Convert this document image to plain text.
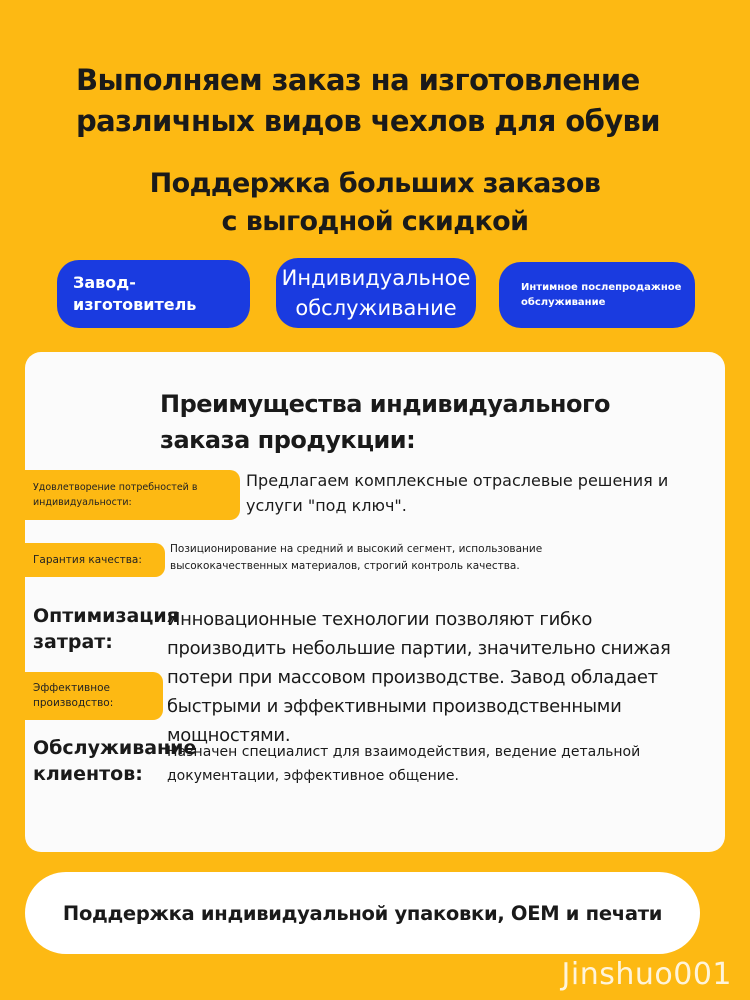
Выполняем заказ на изготовление различных видов чехлов для обуви
Поддержка больших заказов с выгодной скидкой
Завод-изготовитель
Индивидуальное обслуживание
Интимное послепродажное обслуживание
Преимущества индивидуального заказа продукции:
Удовлетворение потребностей в индивидуальности:
Предлагаем комплексные отраслевые решения и услуги "под ключ".
Гарантия качества:
Позиционирование на средний и высокий сегмент, использование высококачественных материалов, строгий контроль качества.
Оптимизация затрат:
Эффективное производство:
Инновационные технологии позволяют гибко производить небольшие партии, значительно снижая потери при массовом производстве. Завод обладает быстрыми и эффективными производственными мощностями.
Обслуживание клиентов:
Назначен специалист для взаимодействия, ведение детальной документации, эффективное общение.
Поддержка индивидуальной упаковки, OEM и печати
Jinshuo001
